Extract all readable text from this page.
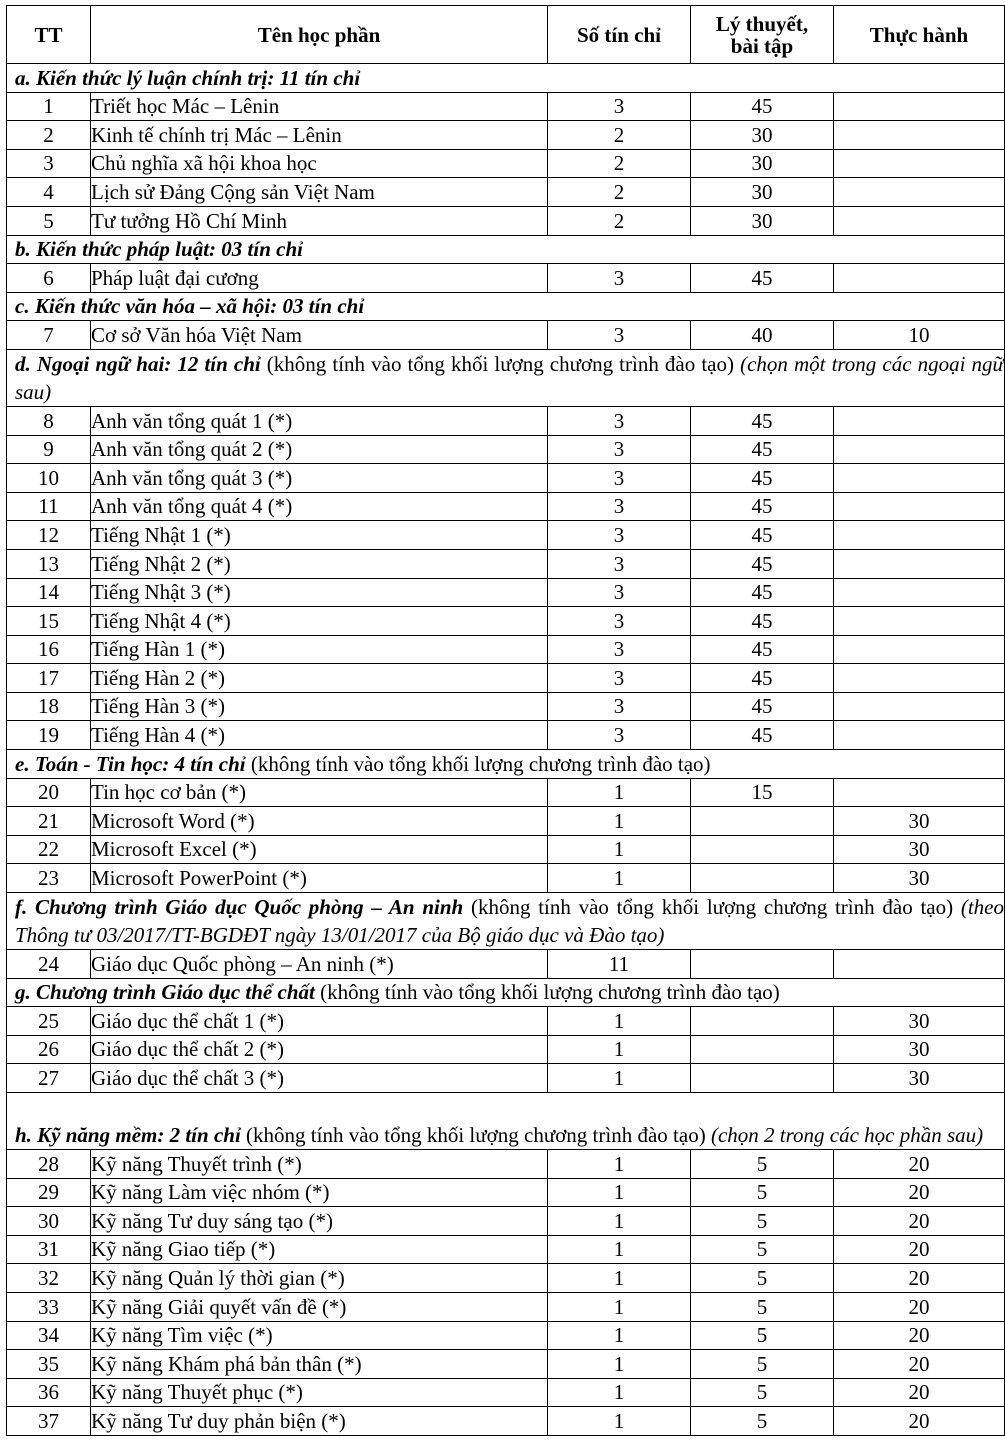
TT	Tên học phần	Số tín chỉ	Lý thuyết, bài tập	Thực hành
a. Kiến thức lý luận chính trị: 11 tín chỉ				
1	Triết học Mác – Lênin	3	45	
2	Kinh tế chính trị Mác – Lênin	2	30	
3	Chủ nghĩa xã hội khoa học	2	30	
4	Lịch sử Đảng Cộng sản Việt Nam	2	30	
5	Tư tưởng Hồ Chí Minh	2	30	
b. Kiến thức pháp luật: 03 tín chỉ				
6	Pháp luật đại cương	3	45	
c. Kiến thức văn hóa – xã hội: 03 tín chỉ				
7	Cơ sở Văn hóa Việt Nam	3	40	10
d. Ngoại ngữ hai: 12 tín chỉ (không tính vào tổng khối lượng chương trình đào tạo) (chọn một trong các ngoại ngữ sau)				
8	Anh văn tổng quát 1 (*)	3	45	
9	Anh văn tổng quát 2 (*)	3	45	
10	Anh văn tổng quát 3 (*)	3	45	
11	Anh văn tổng quát 4 (*)	3	45	
12	Tiếng Nhật 1 (*)	3	45	
13	Tiếng Nhật 2 (*)	3	45	
14	Tiếng Nhật 3 (*)	3	45	
15	Tiếng Nhật 4 (*)	3	45	
16	Tiếng Hàn 1 (*)	3	45	
17	Tiếng Hàn 2 (*)	3	45	
18	Tiếng Hàn 3 (*)	3	45	
19	Tiếng Hàn 4 (*)	3	45	
e. Toán - Tin học: 4 tín chỉ (không tính vào tổng khối lượng chương trình đào tạo)				
20	Tin học cơ bản (*)	1	15	
21	Microsoft Word (*)	1		30
22	Microsoft Excel (*)	1		30
23	Microsoft PowerPoint (*)	1		30
f. Chương trình Giáo dục Quốc phòng – An ninh (không tính vào tổng khối lượng chương trình đào tạo) (theo Thông tư 03/2017/TT-BGDĐT ngày 13/01/2017 của Bộ giáo dục và Đào tạo)				
24	Giáo dục Quốc phòng – An ninh (*)	11		
g. Chương trình Giáo dục thể chất (không tính vào tổng khối lượng chương trình đào tạo)				
25	Giáo dục thể chất 1 (*)	1		30
26	Giáo dục thể chất 2 (*)	1		30
27	Giáo dục thể chất 3 (*)	1		30
h. Kỹ năng mềm: 2 tín chỉ (không tính vào tổng khối lượng chương trình đào tạo) (chọn 2 trong các học phần sau)				
28	Kỹ năng Thuyết trình (*)	1	5	20
29	Kỹ năng Làm việc nhóm (*)	1	5	20
30	Kỹ năng Tư duy sáng tạo (*)	1	5	20
31	Kỹ năng Giao tiếp (*)	1	5	20
32	Kỹ năng Quản lý thời gian (*)	1	5	20
33	Kỹ năng Giải quyết vấn đề (*)	1	5	20
34	Kỹ năng Tìm việc (*)	1	5	20
35	Kỹ năng Khám phá bản thân (*)	1	5	20
36	Kỹ năng Thuyết phục (*)	1	5	20
37	Kỹ năng Tư duy phản biện (*)	1	5	20
